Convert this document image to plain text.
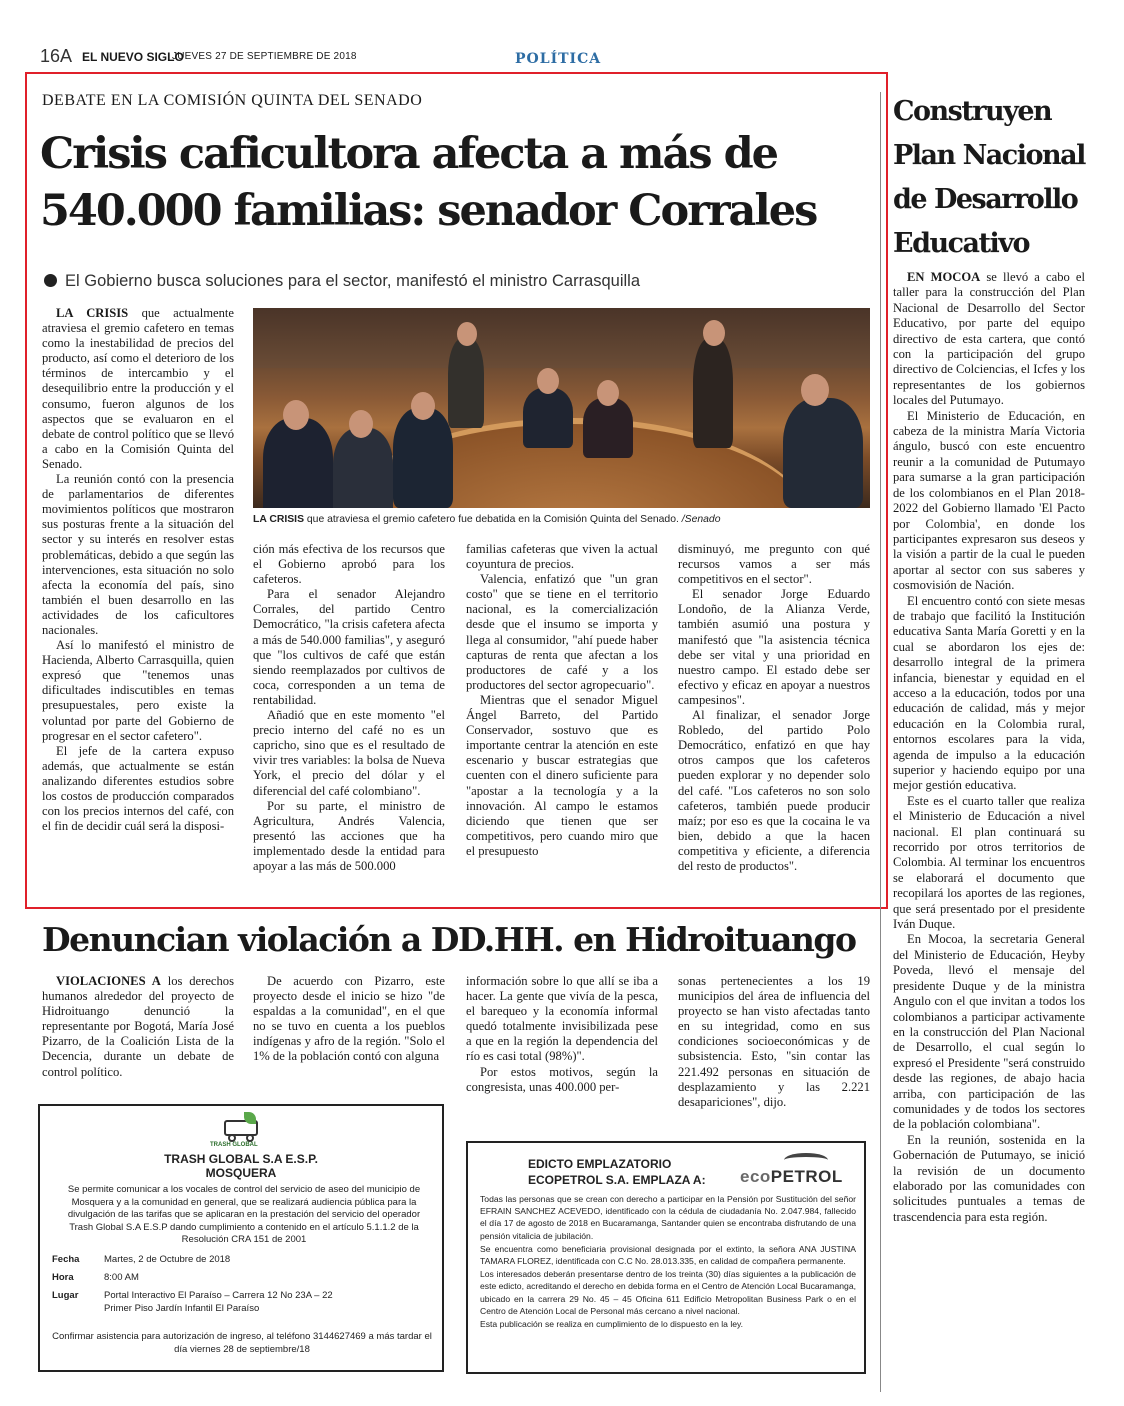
16A EL NUEVO SIGLO
JUEVES 27 DE SEPTIEMBRE DE 2018	POLÍTICA
DEBATE EN LA COMISIÓN QUINTA DEL SENADO
Crisis caficultora afecta a más de
540.000 familias: senador Corrales
El Gobierno busca soluciones para el sector, manifestó el ministro Carrasquilla

LA CRISIS que actualmente atraviesa el gremio cafetero en temas como la inestabilidad de precios del producto, así como el deterioro de los términos de intercambio y el desequilibrio entre la producción y el consumo, fueron algunos de los aspectos que se evaluaron en el debate de control político que se llevó a cabo en la Comisión Quinta del Senado.

La reunión contó con la presencia de parlamentarios de diferentes movimientos políticos que mostraron sus posturas frente a la situación del sector y su interés en resolver estas problemáticas, debido a que según las intervenciones, esta situación no solo afecta la economía del país, sino también el buen desarrollo en las actividades de los caficultores nacionales.

Así lo manifestó el ministro de Hacienda, Alberto Carrasquilla, quien expresó que "tenemos unas dificultades indiscutibles en temas presupuestales, pero existe la voluntad por parte del Gobierno de progresar en el sector cafetero".

El jefe de la cartera expuso además, que actualmente se están analizando diferentes estudios sobre los costos de producción comparados con los precios internos del café, con el fin de decidir cuál será la disposi-

LA CRISIS que atraviesa el gremio cafetero fue debatida en la Comisión Quinta del Senado. /Senado

ción más efectiva de los recursos que el Gobierno aprobó para los cafeteros.

Para el senador Alejandro Corrales, del partido Centro Democrático, "la crisis cafetera afecta a más de 540.000 familias", y aseguró que "los cultivos de café que están siendo reemplazados por cultivos de coca, corresponden a un tema de rentabilidad.

Añadió que en este momento "el precio interno del café no es un capricho, sino que es el resultado de vivir tres variables: la bolsa de Nueva York, el precio del dólar y el diferencial del café colombiano".

Por su parte, el ministro de Agricultura, Andrés Valencia, presentó las acciones que ha implementado desde la entidad para apoyar a las más de 500.000

familias cafeteras que viven la actual coyuntura de precios.

Valencia, enfatizó que "un gran costo" que se tiene en el territorio nacional, es la comercialización desde que el insumo se importa y llega al consumidor, "ahí puede haber capturas de renta que afectan a los productores de café y a los productores del sector agropecuario".

Mientras que el senador Miguel Ángel Barreto, del Partido Conservador, sostuvo que es importante centrar la atención en este escenario y buscar estrategias que cuenten con el dinero suficiente para "apostar a la tecnología y a la innovación. Al campo le estamos diciendo que tienen que ser competitivos, pero cuando miro que el presupuesto

disminuyó, me pregunto con qué recursos vamos a ser más competitivos en el sector".

El senador Jorge Eduardo Londoño, de la Alianza Verde, también asumió una postura y manifestó que "la asistencia técnica debe ser vital y una prioridad en nuestro campo. El estado debe ser efectivo y eficaz en apoyar a nuestros campesinos".

Al finalizar, el senador Jorge Robledo, del partido Polo Democrático, enfatizó en que hay otros campos que los cafeteros pueden explorar y no depender solo del café. "Los cafeteros no son solo cafeteros, también puede producir maíz; por eso es que la cocaina le va bien, debido a que la hacen competitiva y eficiente, a diferencia del resto de productos".

Construyen
Plan Nacional
de Desarrollo
Educativo

EN MOCOA se llevó a cabo el taller para la construcción del Plan Nacional de Desarrollo del Sector Educativo, por parte del equipo directivo de esta cartera, que contó con la participación del grupo directivo de Colciencias, el Icfes y los representantes de los gobiernos locales del Putumayo.

El Ministerio de Educación, en cabeza de la ministra María Victoria ángulo, buscó con este encuentro reunir a la comunidad de Putumayo para sumarse a la gran participación de los colombianos en el Plan 2018-2022 del Gobierno llamado 'El Pacto por Colombia', en donde los participantes expresaron sus deseos y la visión a partir de la cual le pueden aportar al sector con sus saberes y cosmovisión de Nación.

El encuentro contó con siete mesas de trabajo que facilitó la Institución educativa Santa María Goretti y en la cual se abordaron los ejes de: desarrollo integral de la primera infancia, bienestar y equidad en el acceso a la educación, todos por una educación de calidad, más y mejor educación en la Colombia rural, entornos escolares para la vida, agenda de impulso a la educación superior y haciendo equipo por una mejor gestión educativa.

Este es el cuarto taller que realiza el Ministerio de Educación a nivel nacional. El plan continuará su recorrido por otros territorios de Colombia. Al terminar los encuentros se elaborará el documento que recopilará los aportes de las regiones, que será presentado por el presidente Iván Duque.

En Mocoa, la secretaria General del Ministerio de Educación, Heyby Poveda, llevó el mensaje del presidente Duque y de la ministra Angulo con el que invitan a todos los colombianos a participar activamente en la construcción del Plan Nacional de Desarrollo, el cual según lo expresó el Presidente "será construido desde las regiones, de abajo hacia arriba, con participación de las comunidades y de todos los sectores de la población colombiana".

En la reunión, sostenida en la Gobernación de Putumayo, se inició la revisión de un documento elaborado por las comunidades con solicitudes puntuales a temas de trascendencia para esta región.

Denuncian violación a DD.HH. en Hidroituango

VIOLACIONES A los derechos humanos alrededor del proyecto de Hidroituango denunció la representante por Bogotá, María José Pizarro, de la Coalición Lista de la Decencia, durante un debate de control político.

De acuerdo con Pizarro, este proyecto desde el inicio se hizo "de espaldas a la comunidad", en el que no se tuvo en cuenta a los pueblos indígenas y afro de la región. "Solo el 1% de la población contó con alguna

información sobre lo que allí se iba a hacer. La gente que vivía de la pesca, el barequeo y la economía informal quedó totalmente invisibilizada pese a que en la región la dependencia del río es casi total (98%)".

Por estos motivos, según la congresista, unas 400.000 per-

sonas pertenecientes a los 19 municipios del área de influencia del proyecto se han visto afectadas tanto en su integridad, como en sus condiciones socioeconómicas y de subsistencia. Esto, "sin contar las 221.492 personas en situación de desplazamiento y las 2.221 desapariciones", dijo.

TRASH GLOBAL
TRASH GLOBAL S.A E.S.P.
MOSQUERA
Se permite comunicar a los vocales de control del servicio de aseo del municipio de Mosquera y a la comunidad en general, que se realizará audiencia pública para la divulgación de las tarifas que se aplicaran en la prestación del servicio del operador Trash Global S.A E.S.P dando cumplimiento a contenido en el artículo 5.1.1.2 de la Resolución CRA 151 de 2001
Fecha	Martes, 2 de Octubre de 2018
Hora	8:00 AM
Lugar	Portal Interactivo El Paraíso – Carrera 12 No 23A – 22 Primer Piso Jardín Infantil El Paraíso
Confirmar asistencia para autorización de ingreso, al teléfono 3144627469 a más tardar el día viernes 28 de septiembre/18
EDICTO EMPLAZATORIO
ECOPETROL S.A. EMPLAZA A: ecoPETROL

Todas las personas que se crean con derecho a participar en la Pensión por Sustitución del señor EFRAIN SANCHEZ ACEVEDO, identificado con la cédula de ciudadanía No. 2.047.984, fallecido el día 17 de agosto de 2018 en Bucaramanga, Santander quien se encontraba disfrutando de una pensión vitalicia de jubilación.

Se encuentra como beneficiaria provisional designada por el extinto, la señora ANA JUSTINA TAMARA FLOREZ, identificada con C.C No. 28.013.335, en calidad de compañera permanente.

Los interesados deberán presentarse dentro de los treinta (30) días siguientes a la publicación de este edicto, acreditando el derecho en debida forma en el Centro de Atención Local Bucaramanga, ubicado en la carrera 29 No. 45 – 45 Oficina 611 Edificio Metropolitan Business Park o en el Centro de Atención Local de Personal más cercano a nivel nacional.

Esta publicación se realiza en cumplimiento de lo dispuesto en la ley.
